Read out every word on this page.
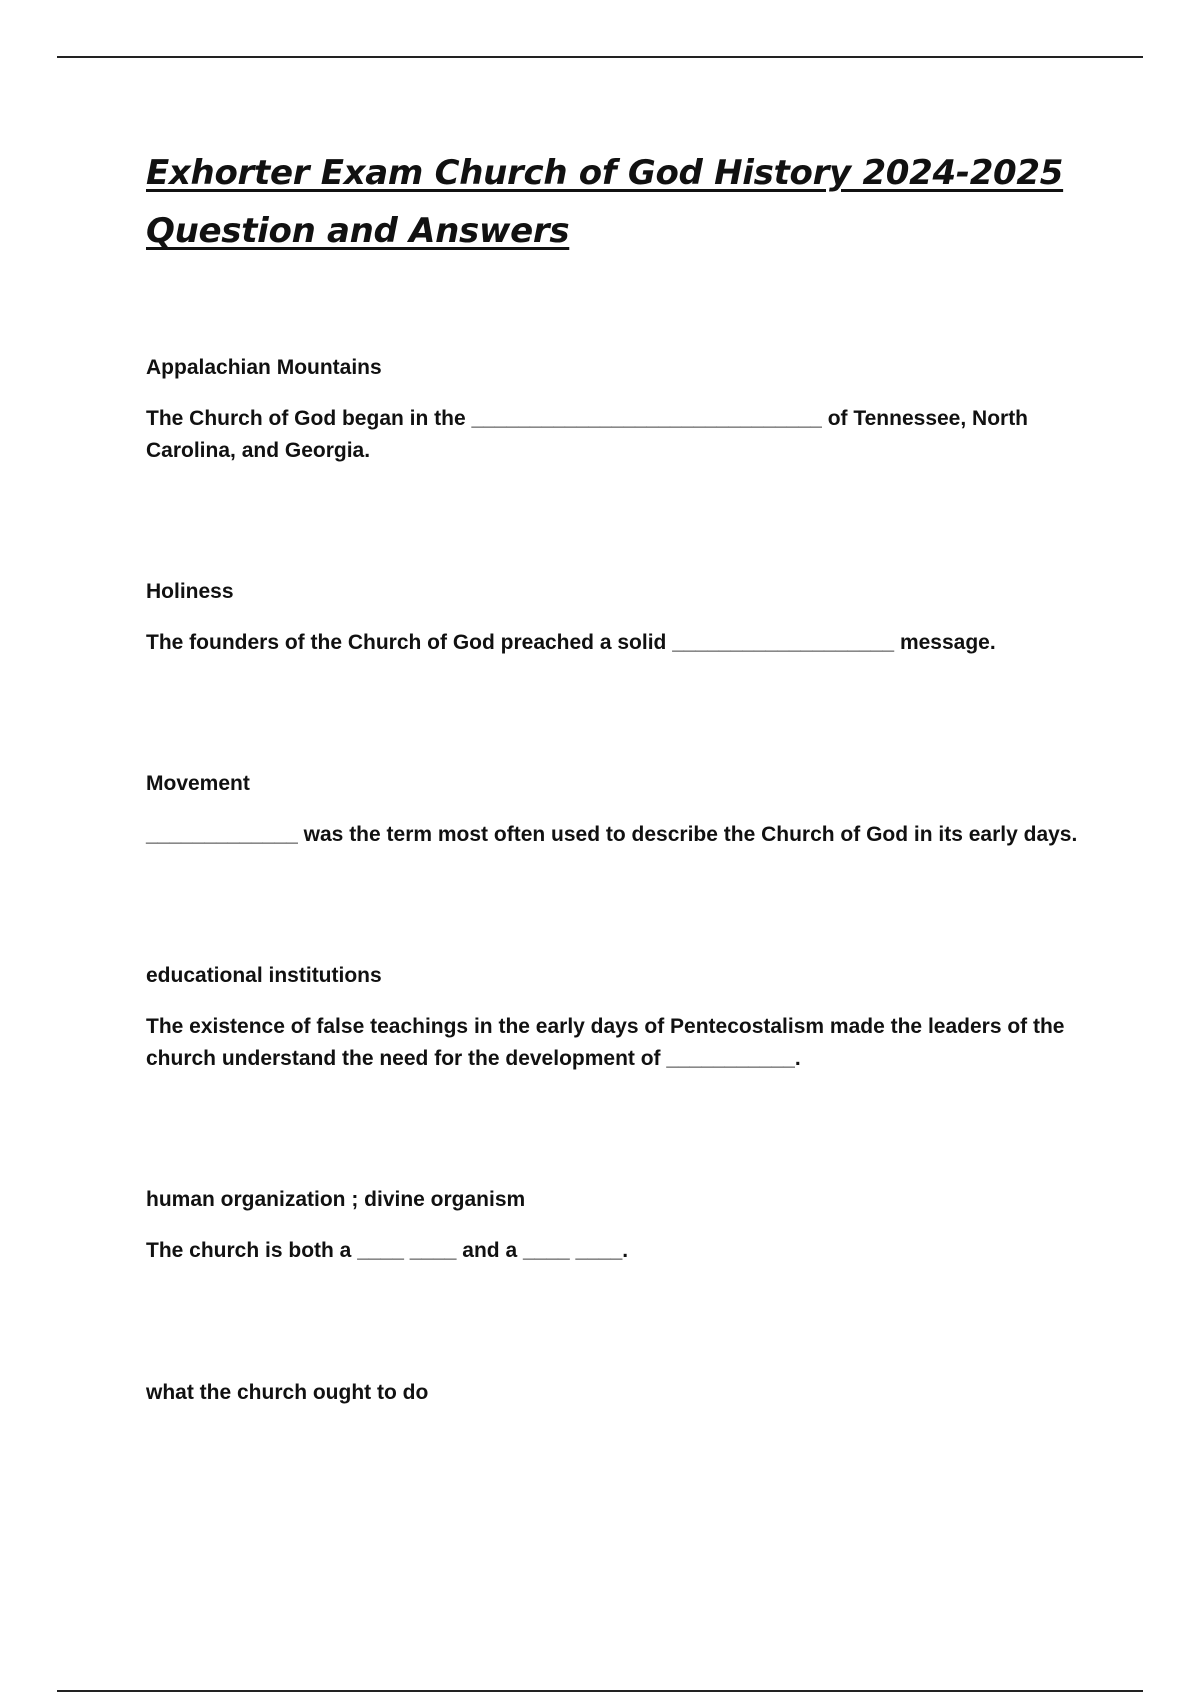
Exhorter Exam Church of God History 2024-2025
Question and Answers

Appalachian Mountains

The Church of God began in the ______________________________ of Tennessee, North Carolina, and Georgia.

Holiness

The founders of the Church of God preached a solid ___________________ message.

Movement

_____________ was the term most often used to describe the Church of God in its early days.

educational institutions

The existence of false teachings in the early days of Pentecostalism made the leaders of the church understand the need for the development of ___________.

human organization ; divine organism

The church is both a ____ ____ and a ____ ____.

what the church ought to do
